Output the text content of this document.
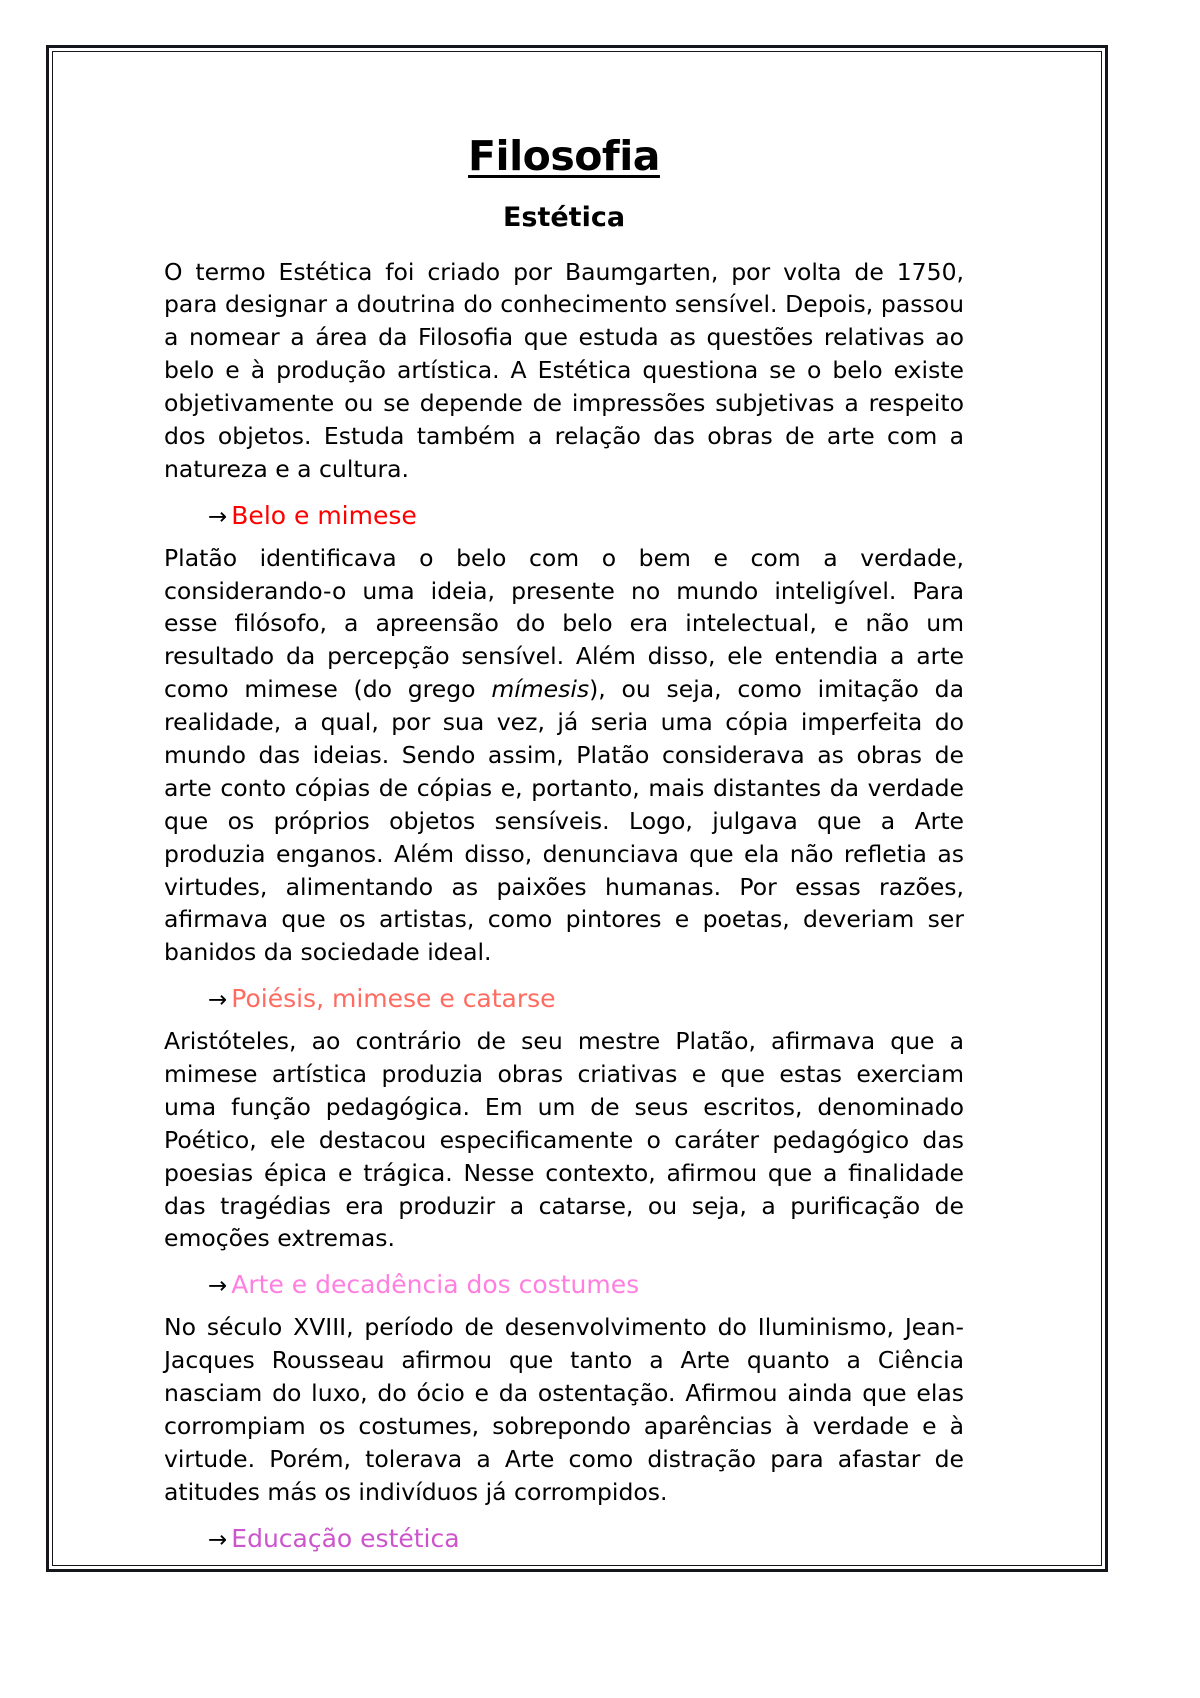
Filosofia
Estética

O termo Estética foi criado por Baumgarten, por volta de 1750, para designar a doutrina do conhecimento sensível. Depois, passou a nomear a área da Filosofia que estuda as questões relativas ao belo e à produção artística. A Estética questiona se o belo existe objetivamente ou se depende de impressões subjetivas a respeito dos objetos. Estuda também a relação das obras de arte com a natureza e a cultura.

→ Belo e mimese

Platão identificava o belo com o bem e com a verdade, considerando-o uma ideia, presente no mundo inteligível. Para esse filósofo, a apreensão do belo era intelectual, e não um resultado da percepção sensível. Além disso, ele entendia a arte como mimese (do grego mímesis), ou seja, como imitação da realidade, a qual, por sua vez, já seria uma cópia imperfeita do mundo das ideias. Sendo assim, Platão considerava as obras de arte conto cópias de cópias e, portanto, mais distantes da verdade que os próprios objetos sensíveis. Logo, julgava que a Arte produzia enganos. Além disso, denunciava que ela não refletia as virtudes, alimentando as paixões humanas. Por essas razões, afirmava que os artistas, como pintores e poetas, deveriam ser banidos da sociedade ideal.

→ Poiésis, mimese e catarse

Aristóteles, ao contrário de seu mestre Platão, afirmava que a mimese artística produzia obras criativas e que estas exerciam uma função pedagógica. Em um de seus escritos, denominado Poético, ele destacou especificamente o caráter pedagógico das poesias épica e trágica. Nesse contexto, afirmou que a finalidade das tragédias era produzir a catarse, ou seja, a purificação de emoções extremas.

→ Arte e decadência dos costumes

No século XVIII, período de desenvolvimento do Iluminismo, Jean-Jacques Rousseau afirmou que tanto a Arte quanto a Ciência nasciam do luxo, do ócio e da ostentação. Afirmou ainda que elas corrompiam os costumes, sobrepondo aparências à verdade e à virtude. Porém, tolerava a Arte como distração para afastar de atitudes más os indivíduos já corrompidos.

→ Educação estética
